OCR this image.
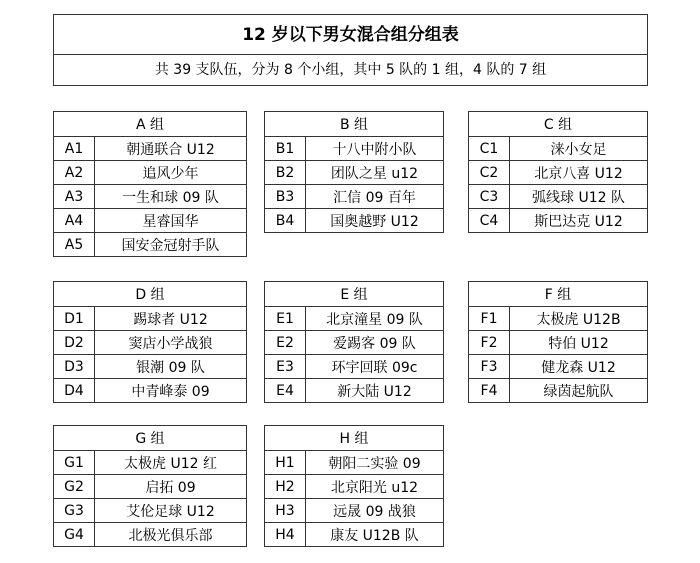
12 岁以下男女混合组分组表
共 39 支队伍，分为 8 个小组，其中 5 队的 1 组，4 队的 7 组
A 组	
A1	朝通联合 U12
A2	追风少年
A3	一生和球 09 队
A4	星睿国华
A5	国安金冠射手队
B 组	
B1	十八中附小队
B2	团队之星 u12
B3	汇信 09 百年
B4	国奥越野 U12
C 组	
C1	涞小女足
C2	北京八喜 U12
C3	弧线球 U12 队
C4	斯巴达克 U12
D 组	
D1	踢球者 U12
D2	窦店小学战狼
D3	银潮 09 队
D4	中青峰泰 09
E 组	
E1	北京潼星 09 队
E2	爱踢客 09 队
E3	环宇回联 09c
E4	新大陆 U12
F 组	
F1	太极虎 U12B
F2	特伯 U12
F3	健龙森 U12
F4	绿茵起航队
G 组	
G1	太极虎 U12 红
G2	启拓 09
G3	艾伦足球 U12
G4	北极光俱乐部
H 组	
H1	朝阳二实验 09
H2	北京阳光 u12
H3	远晟 09 战狼
H4	康友 U12B 队
